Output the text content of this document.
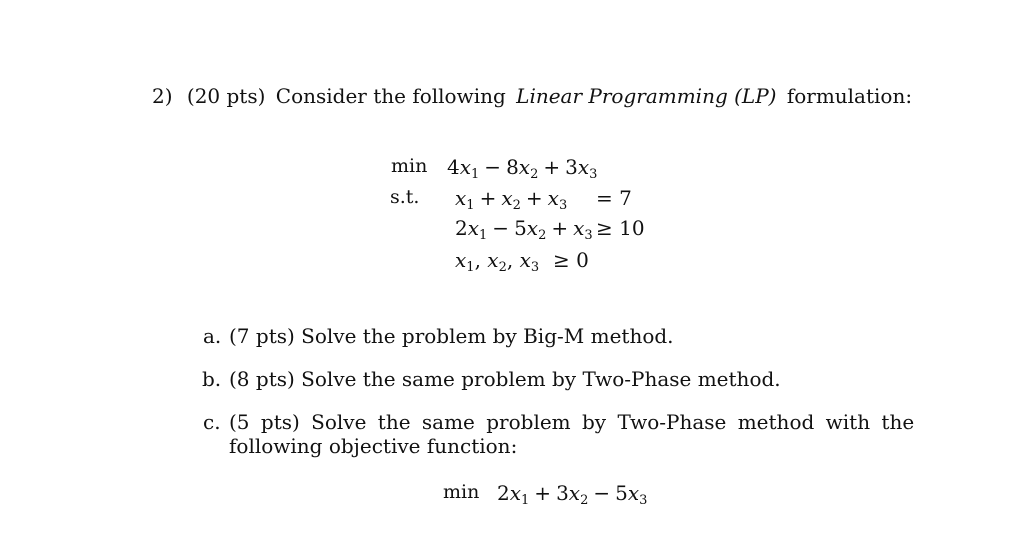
2) (20 pts) Consider the following Linear Programming (LP) formulation:
min
s.t.
$4x_1 - 8x_2 + 3x_3$
$x_1 + x_2 + x_3 = 7$
$2x_1 - 5x_2 + x_3 \ge 10$
$x_1$, $x_2$, $x_3 \ge 0$
a. (7 pts) Solve the problem by Big-M method.
b. (8 pts) Solve the same problem by Two-Phase method.
c. (5 pts) Solve the same problem by Two-Phase method with the
following objective function:
$\min 2x_1 + 3x_2 - 5x_3$
